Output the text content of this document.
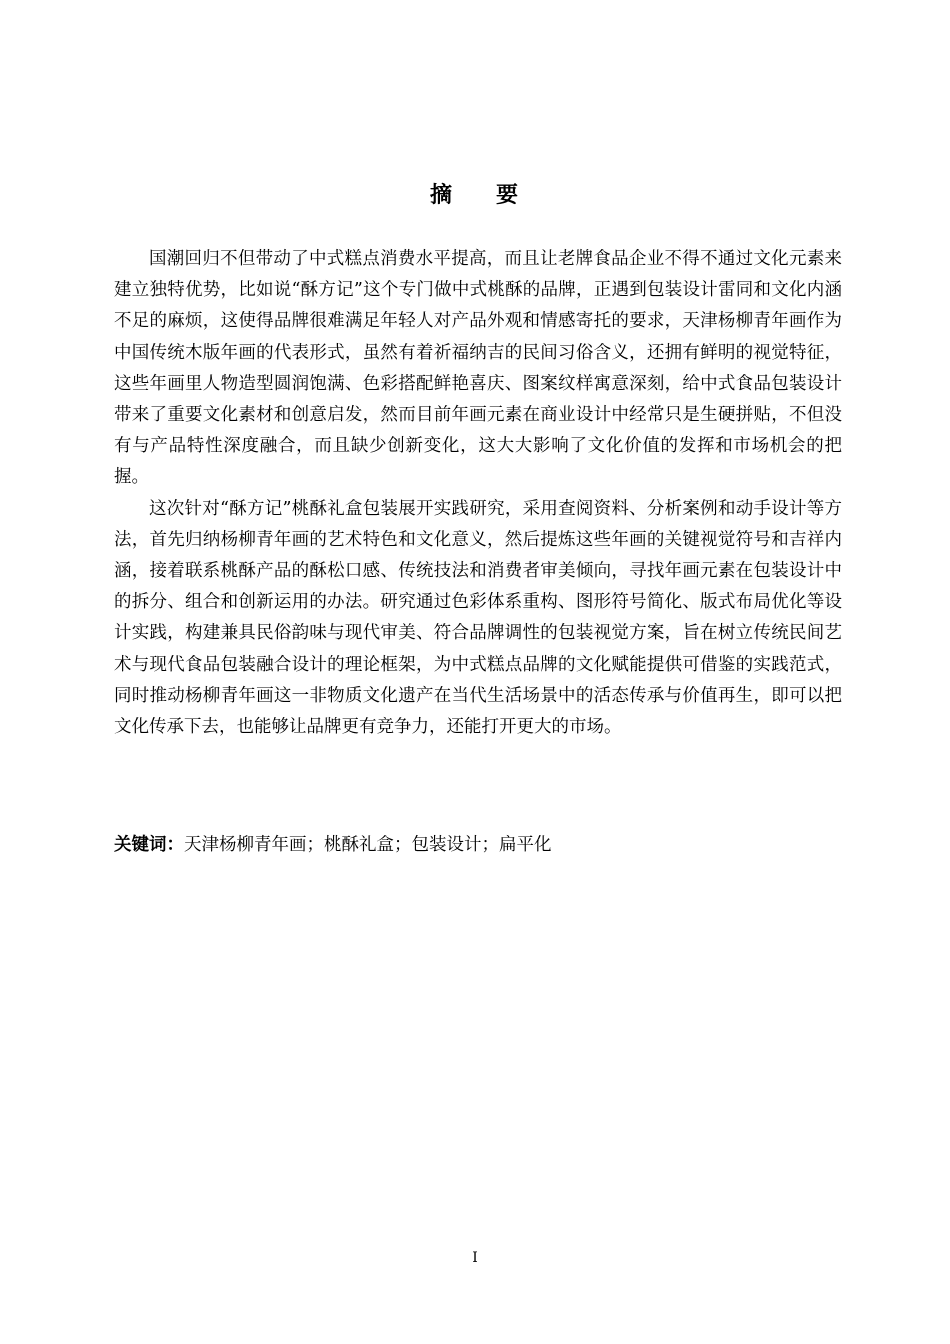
摘 要

国潮回归不但带动了中式糕点消费水平提高，而且让老牌食品企业不得不通过文化元素来建立独特优势，比如说“酥方记”这个专门做中式桃酥的品牌，正遇到包装设计雷同和文化内涵不足的麻烦，这使得品牌很难满足年轻人对产品外观和情感寄托的要求，天津杨柳青年画作为中国传统木版年画的代表形式，虽然有着祈福纳吉的民间习俗含义，还拥有鲜明的视觉特征，这些年画里人物造型圆润饱满、色彩搭配鲜艳喜庆、图案纹样寓意深刻，给中式食品包装设计带来了重要文化素材和创意启发，然而目前年画元素在商业设计中经常只是生硬拼贴，不但没有与产品特性深度融合，而且缺少创新变化，这大大影响了文化价值的发挥和市场机会的把握。

这次针对“酥方记”桃酥礼盒包装展开实践研究，采用查阅资料、分析案例和动手设计等方法，首先归纳杨柳青年画的艺术特色和文化意义，然后提炼这些年画的关键视觉符号和吉祥内涵，接着联系桃酥产品的酥松口感、传统技法和消费者审美倾向，寻找年画元素在包装设计中的拆分、组合和创新运用的办法。研究通过色彩体系重构、图形符号简化、版式布局优化等设计实践，构建兼具民俗韵味与现代审美、符合品牌调性的包装视觉方案，旨在树立传统民间艺术与现代食品包装融合设计的理论框架，为中式糕点品牌的文化赋能提供可借鉴的实践范式，同时推动杨柳青年画这一非物质文化遗产在当代生活场景中的活态传承与价值再生，即可以把文化传承下去，也能够让品牌更有竞争力，还能打开更大的市场。

关键词：天津杨柳青年画；桃酥礼盒；包装设计；扁平化
I
